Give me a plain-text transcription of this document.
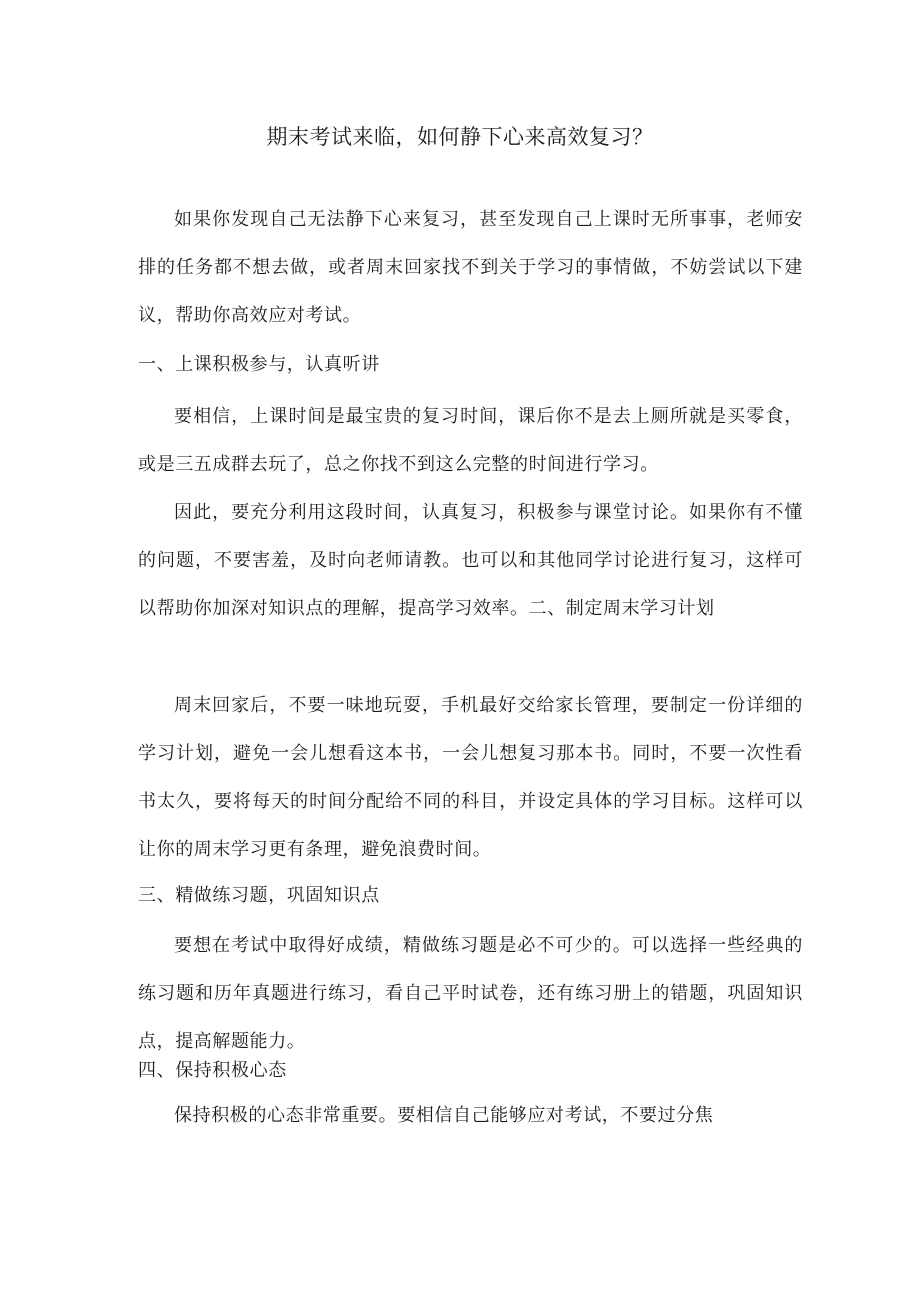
期末考试来临，如何静下心来高效复习？
如果你发现自己无法静下心来复习，甚至发现自己上课时无所事事，老师安排的任务都不想去做，或者周末回家找不到关于学习的事情做，不妨尝试以下建议，帮助你高效应对考试。
一、上课积极参与，认真听讲
要相信，上课时间是最宝贵的复习时间，课后你不是去上厕所就是买零食，或是三五成群去玩了，总之你找不到这么完整的时间进行学习。
因此，要充分利用这段时间，认真复习，积极参与课堂讨论。如果你有不懂的问题，不要害羞，及时向老师请教。也可以和其他同学讨论进行复习，这样可以帮助你加深对知识点的理解，提高学习效率。二、制定周末学习计划
周末回家后，不要一味地玩耍，手机最好交给家长管理，要制定一份详细的学习计划，避免一会儿想看这本书，一会儿想复习那本书。同时，不要一次性看书太久，要将每天的时间分配给不同的科目，并设定具体的学习目标。这样可以让你的周末学习更有条理，避免浪费时间。
三、精做练习题，巩固知识点
要想在考试中取得好成绩，精做练习题是必不可少的。可以选择一些经典的练习题和历年真题进行练习，看自己平时试卷，还有练习册上的错题，巩固知识点，提高解题能力。
四、保持积极心态
保持积极的心态非常重要。要相信自己能够应对考试，不要过分焦
